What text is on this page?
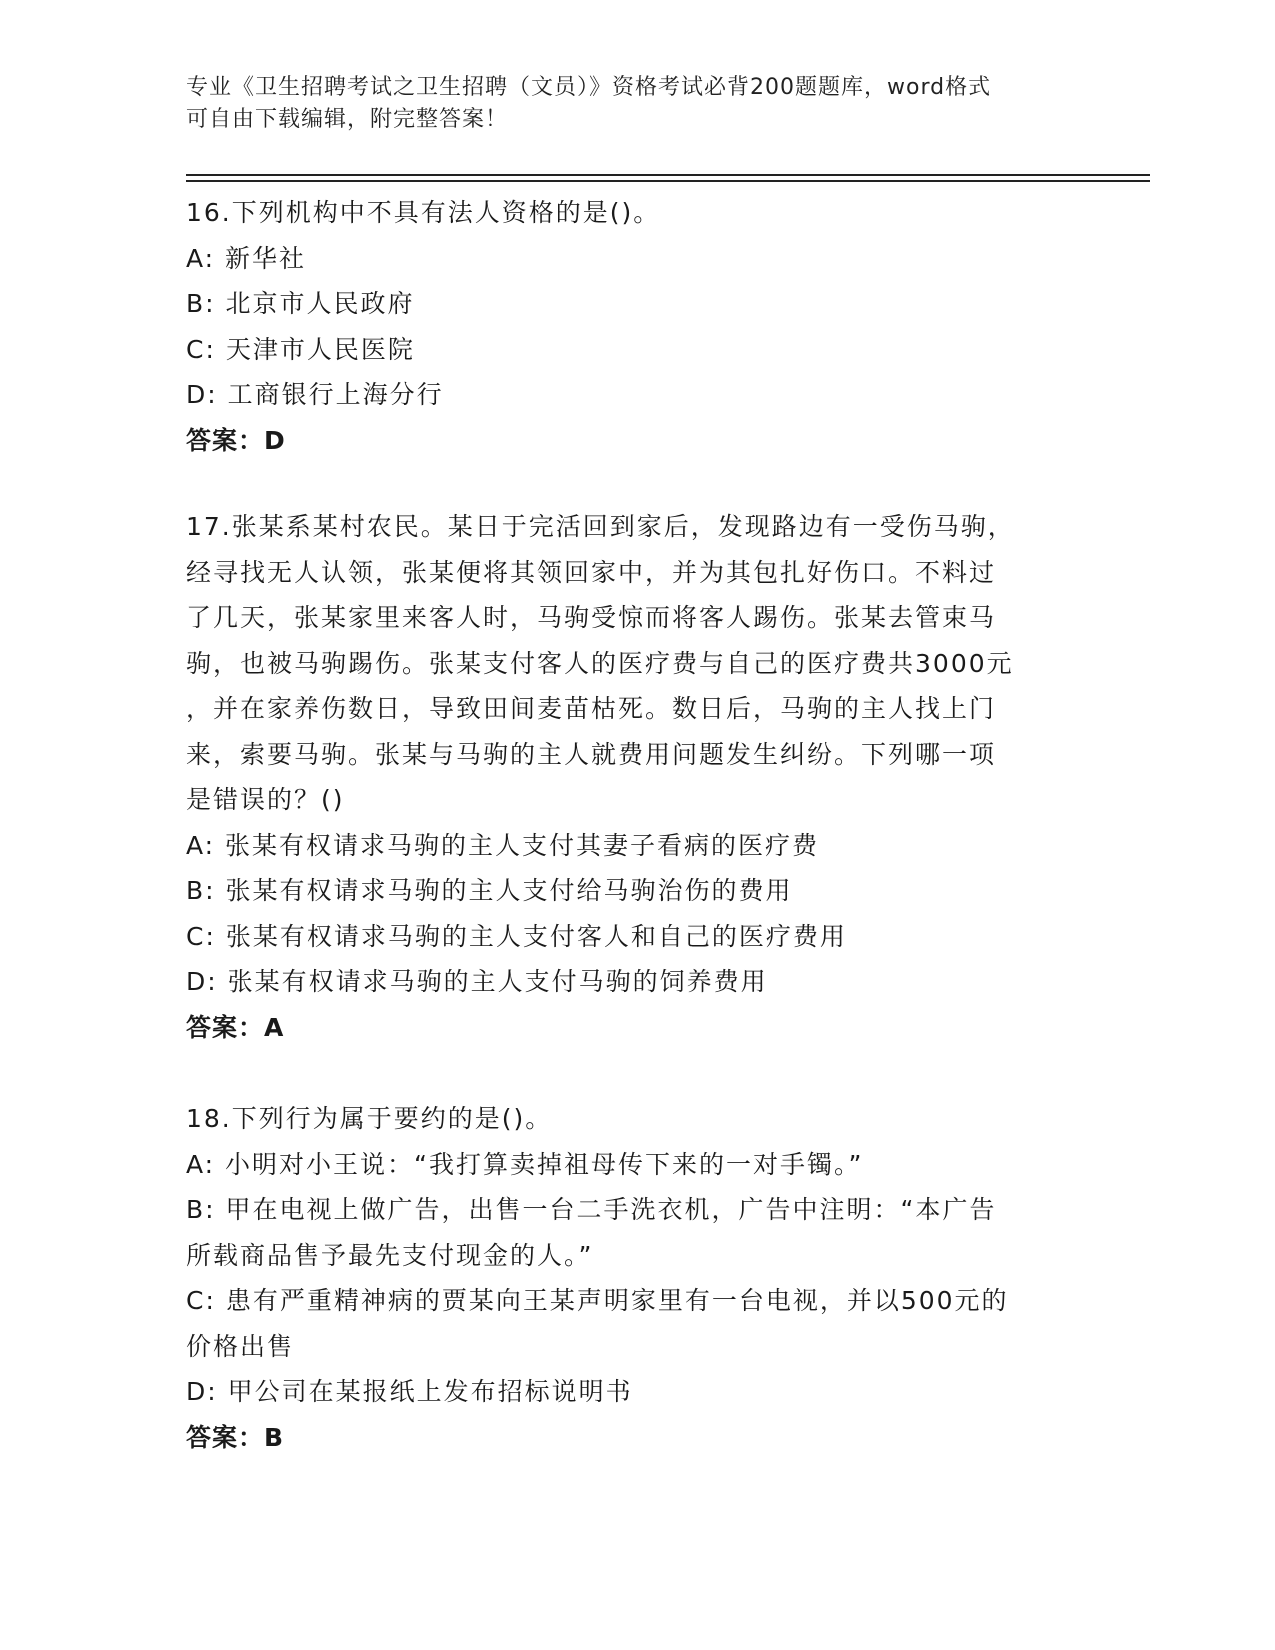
专业《卫生招聘考试之卫生招聘（文员）》资格考试必背200题题库，word格式
可自由下载编辑，附完整答案！
16.下列机构中不具有法人资格的是()。
A: 新华社
B: 北京市人民政府
C: 天津市人民医院
D: 工商银行上海分行
答案：D
17.张某系某村农民。某日于完活回到家后，发现路边有一受伤马驹，
经寻找无人认领，张某便将其领回家中，并为其包扎好伤口。不料过
了几天，张某家里来客人时，马驹受惊而将客人踢伤。张某去管束马
驹，也被马驹踢伤。张某支付客人的医疗费与自己的医疗费共3000元
，并在家养伤数日，导致田间麦苗枯死。数日后，马驹的主人找上门
来，索要马驹。张某与马驹的主人就费用问题发生纠纷。下列哪一项
是错误的？()
A: 张某有权请求马驹的主人支付其妻子看病的医疗费
B: 张某有权请求马驹的主人支付给马驹治伤的费用
C: 张某有权请求马驹的主人支付客人和自己的医疗费用
D: 张某有权请求马驹的主人支付马驹的饲养费用
答案：A
18.下列行为属于要约的是()。
A: 小明对小王说：“我打算卖掉祖母传下来的一对手镯。”
B: 甲在电视上做广告，出售一台二手洗衣机，广告中注明：“本广告
所载商品售予最先支付现金的人。”
C: 患有严重精神病的贾某向王某声明家里有一台电视，并以500元的
价格出售
D: 甲公司在某报纸上发布招标说明书
答案：B
